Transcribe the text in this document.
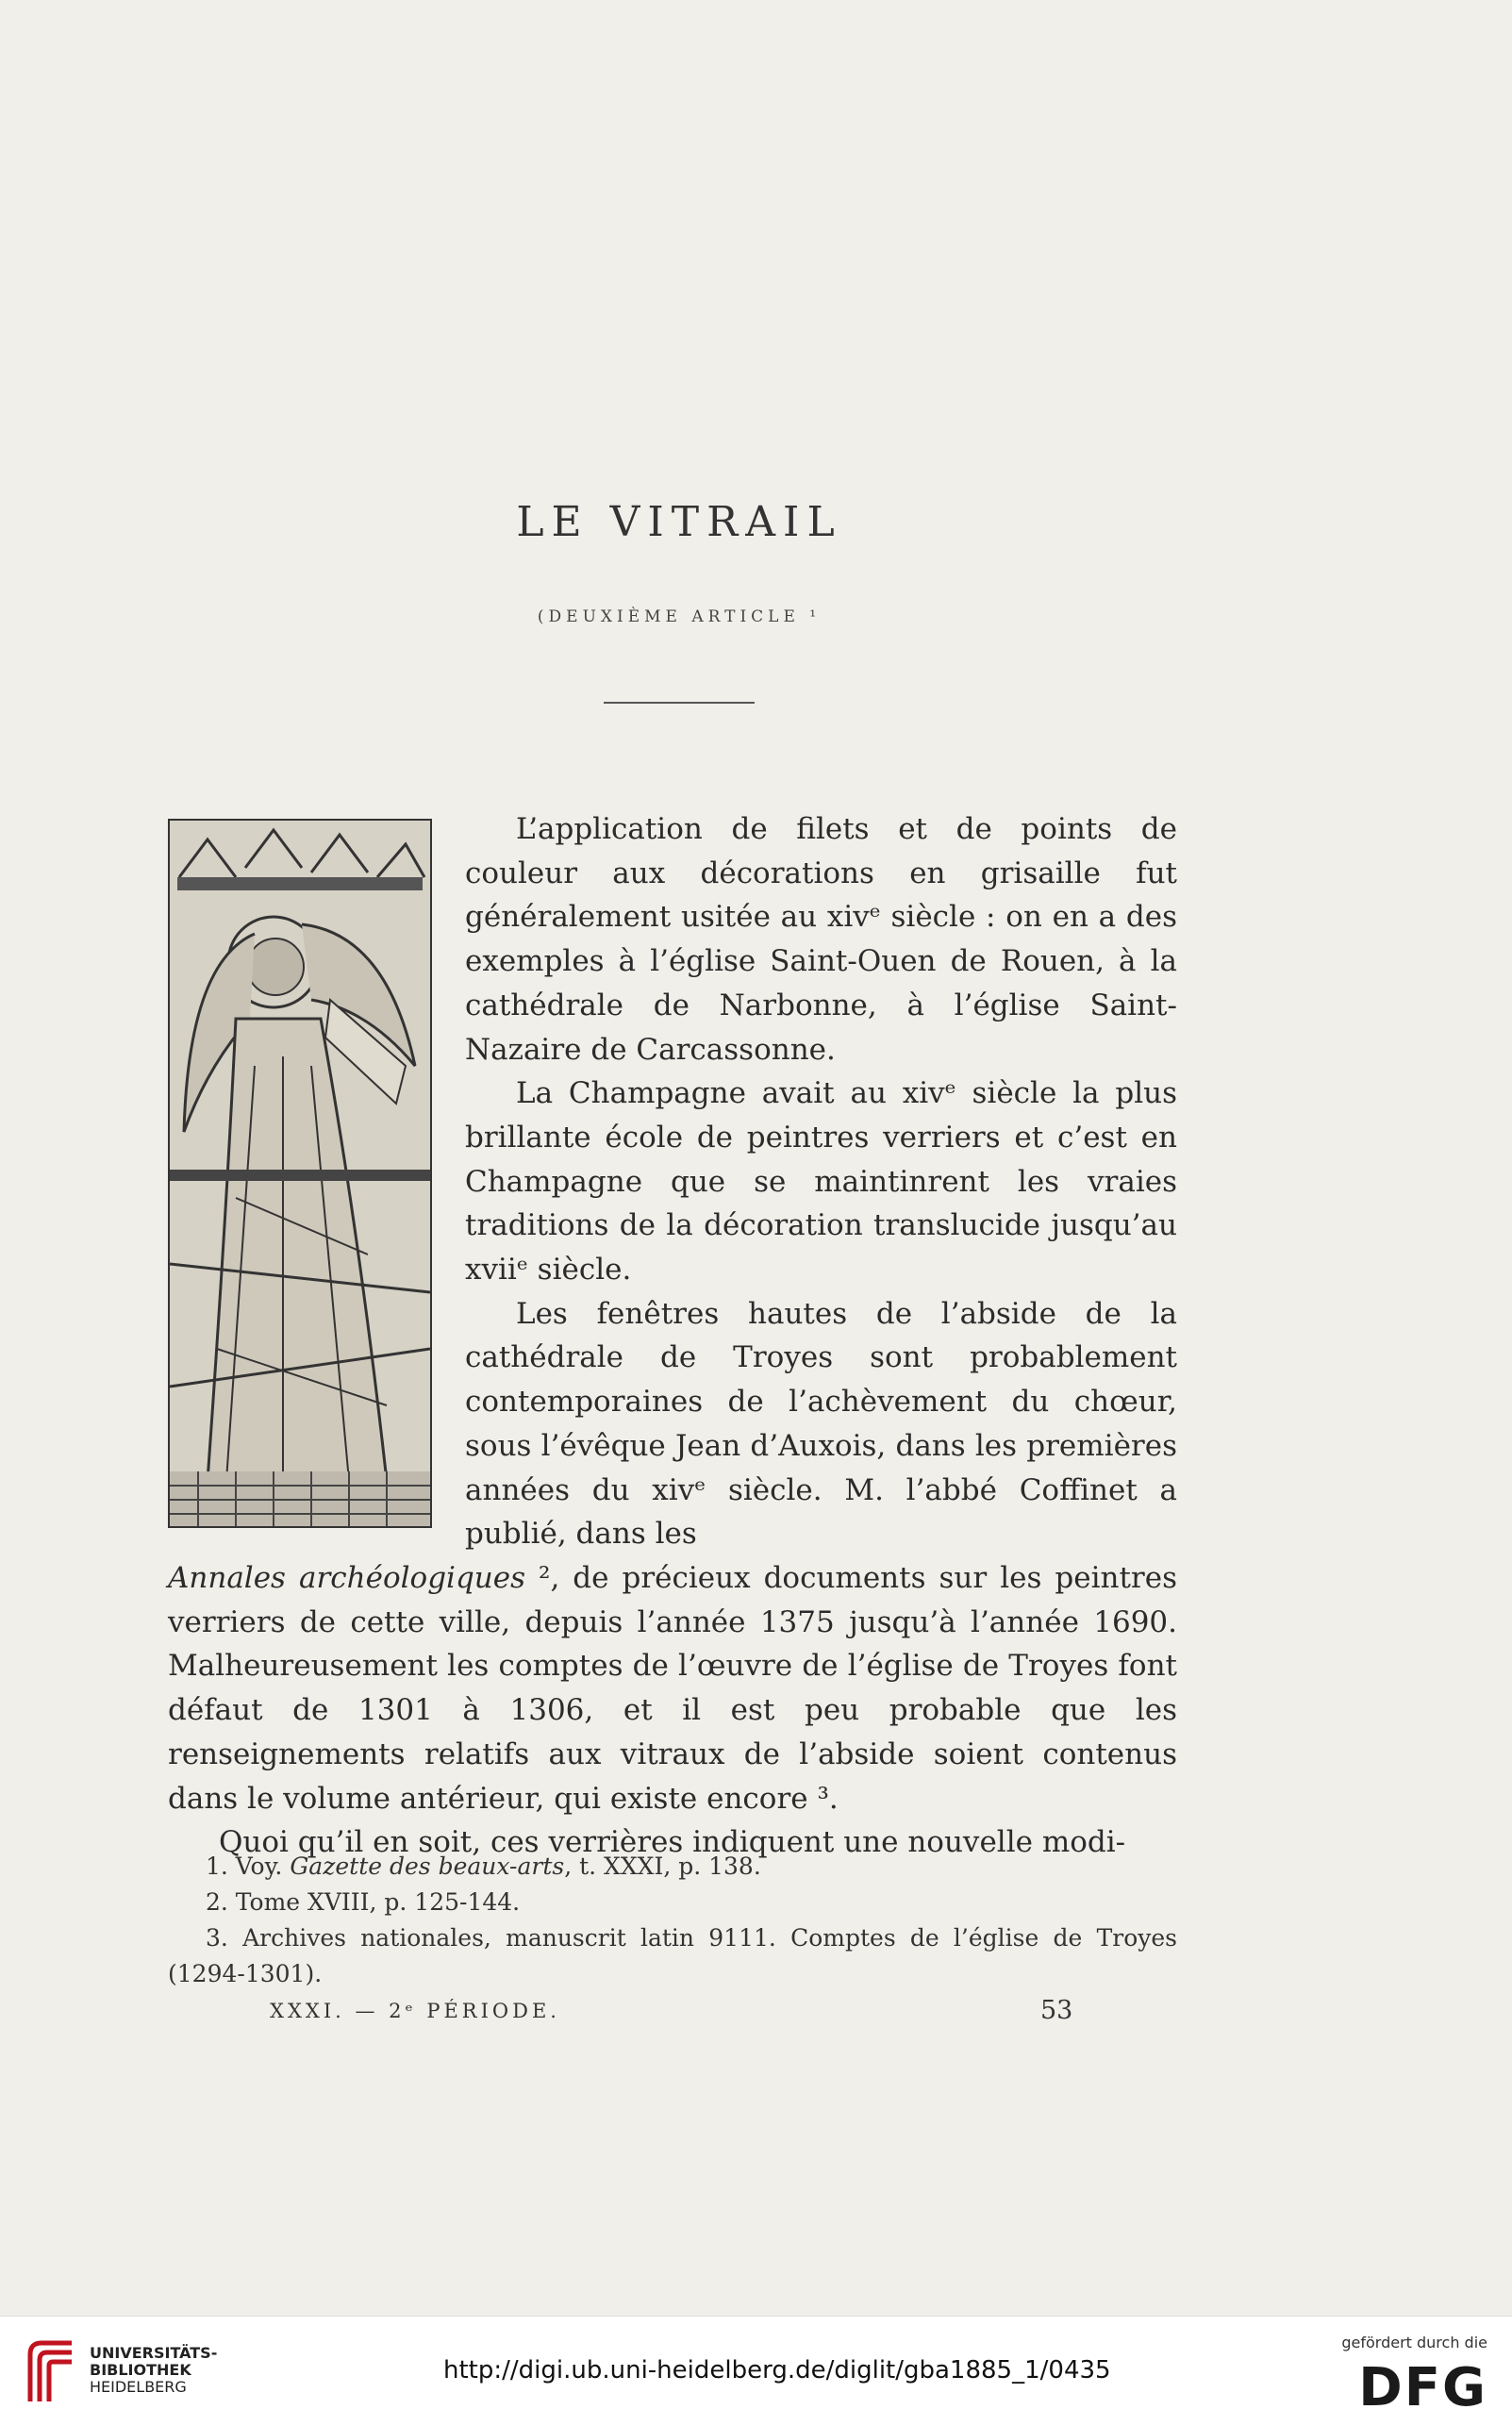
LE VITRAIL
(DEUXIÈME ARTICLE ¹

L’application de filets et de points de couleur aux décorations en grisaille fut généralement usitée au xivᵉ siècle : on en a des exemples à l’église Saint-Ouen de Rouen, à la cathédrale de Narbonne, à l’église Saint-Nazaire de Carcassonne.

La Champagne avait au xivᵉ siècle la plus brillante école de peintres verriers et c’est en Champagne que se maintinrent les vraies traditions de la décoration translucide jusqu’au xviiᵉ siècle.

Les fenêtres hautes de l’abside de la cathédrale de Troyes sont probablement contemporaines de l’achèvement du chœur, sous l’évêque Jean d’Auxois, dans les premières années du xivᵉ siècle. M. l’abbé Coffinet a publié, dans les

Annales archéologiques ², de précieux documents sur les peintres verriers de cette ville, depuis l’année 1375 jusqu’à l’année 1690. Malheureusement les comptes de l’œuvre de l’église de Troyes font défaut de 1301 à 1306, et il est peu probable que les renseignements relatifs aux vitraux de l’abside soient contenus dans le volume antérieur, qui existe encore ³.

Quoi qu’il en soit, ces verrières indiquent une nouvelle modi-

1. Voy. Gazette des beaux-arts, t. XXXI, p. 138.

2. Tome XVIII, p. 125-144.

3. Archives nationales, manuscrit latin 9111. Comptes de l’église de Troyes (1294-1301).

XXXI. — 2ᵉ PÉRIODE.	53
UNIVERSITÄTS-
BIBLIOTHEK
HEIDELBERG
http://digi.ub.uni-heidelberg.de/diglit/gba1885_1/0435
gefördert durch die
DFG
